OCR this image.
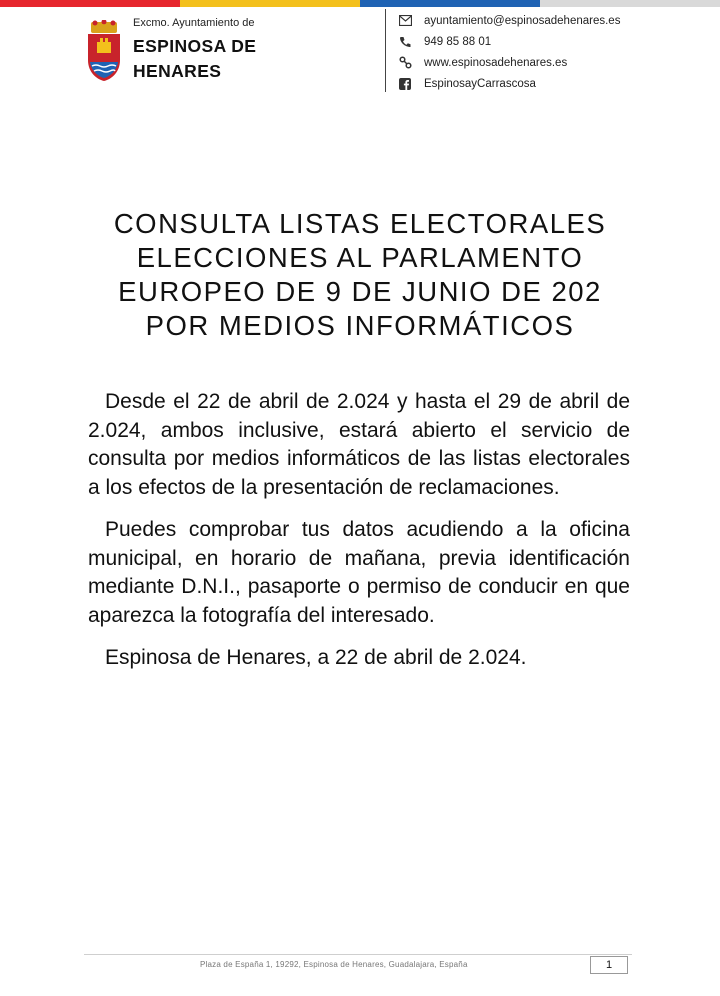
Excmo. Ayuntamiento de
ESPINOSA DE
HENARES
ayuntamiento@espinosadehenares.es
949 85 88 01
www.espinosadehenares.es
EspinosayCarrascosa
CONSULTA LISTAS ELECTORALES
ELECCIONES AL PARLAMENTO
EUROPEO DE 9 DE JUNIO DE 202
POR MEDIOS INFORMÁTICOS

Desde el 22 de abril de 2.024 y hasta el 29 de abril de 2.024, ambos inclusive, estará abierto el servicio de consulta por medios informáticos de las listas electorales a los efectos de la presentación de reclamaciones.

Puedes comprobar tus datos acudiendo a la oficina municipal, en horario de mañana, previa identificación mediante D.N.I., pasaporte o permiso de conducir en que aparezca la fotografía del interesado.

Espinosa de Henares, a 22 de abril de 2.024.

Plaza de España 1, 19292, Espinosa de Henares, Guadalajara, España	1
